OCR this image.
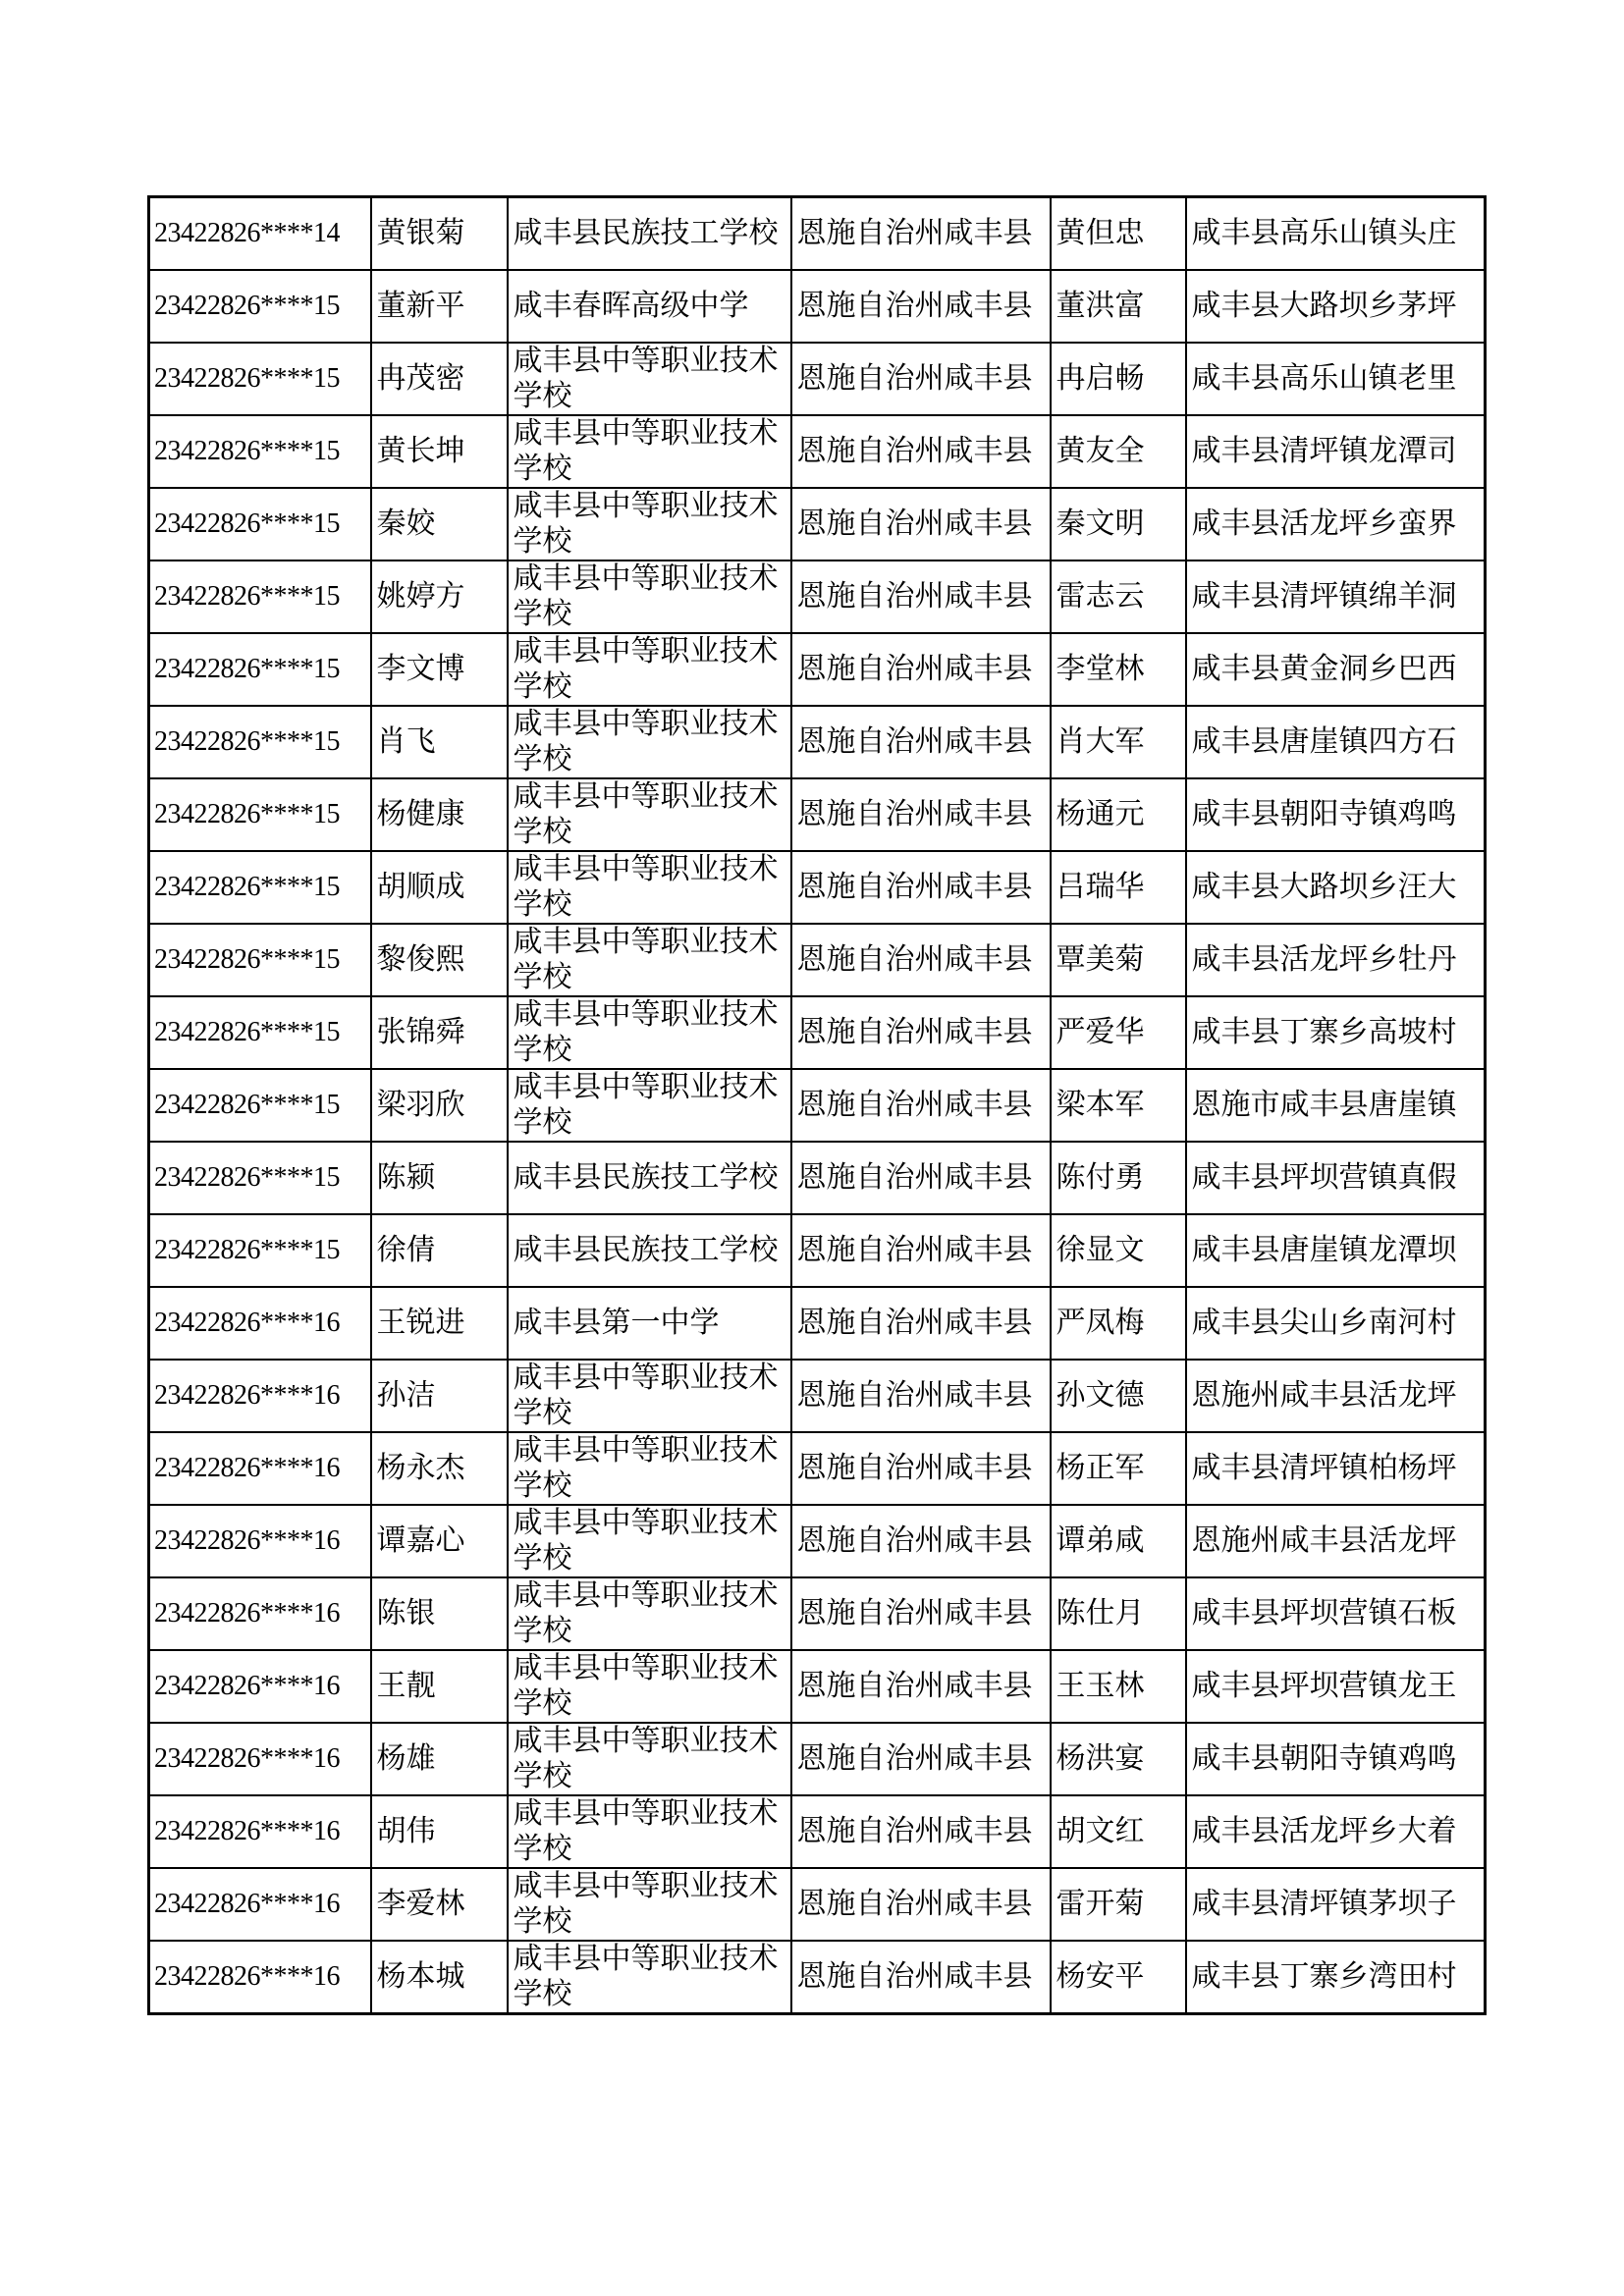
23422826****14	黄银菊	咸丰县民族技工学校	恩施自治州咸丰县	黄但忠	咸丰县高乐山镇头庄
23422826****15	董新平	咸丰春晖高级中学	恩施自治州咸丰县	董洪富	咸丰县大路坝乡茅坪
23422826****15	冉茂密	咸丰县中等职业技术学校	恩施自治州咸丰县	冉启畅	咸丰县高乐山镇老里
23422826****15	黄长坤	咸丰县中等职业技术学校	恩施自治州咸丰县	黄友全	咸丰县清坪镇龙潭司
23422826****15	秦姣	咸丰县中等职业技术学校	恩施自治州咸丰县	秦文明	咸丰县活龙坪乡蛮界
23422826****15	姚婷方	咸丰县中等职业技术学校	恩施自治州咸丰县	雷志云	咸丰县清坪镇绵羊洞
23422826****15	李文博	咸丰县中等职业技术学校	恩施自治州咸丰县	李堂林	咸丰县黄金洞乡巴西
23422826****15	肖飞	咸丰县中等职业技术学校	恩施自治州咸丰县	肖大军	咸丰县唐崖镇四方石
23422826****15	杨健康	咸丰县中等职业技术学校	恩施自治州咸丰县	杨通元	咸丰县朝阳寺镇鸡鸣
23422826****15	胡顺成	咸丰县中等职业技术学校	恩施自治州咸丰县	吕瑞华	咸丰县大路坝乡汪大
23422826****15	黎俊熙	咸丰县中等职业技术学校	恩施自治州咸丰县	覃美菊	咸丰县活龙坪乡牡丹
23422826****15	张锦舜	咸丰县中等职业技术学校	恩施自治州咸丰县	严爱华	咸丰县丁寨乡高坡村
23422826****15	梁羽欣	咸丰县中等职业技术学校	恩施自治州咸丰县	梁本军	恩施市咸丰县唐崖镇
23422826****15	陈颍	咸丰县民族技工学校	恩施自治州咸丰县	陈付勇	咸丰县坪坝营镇真假
23422826****15	徐倩	咸丰县民族技工学校	恩施自治州咸丰县	徐显文	咸丰县唐崖镇龙潭坝
23422826****16	王锐进	咸丰县第一中学	恩施自治州咸丰县	严凤梅	咸丰县尖山乡南河村
23422826****16	孙洁	咸丰县中等职业技术学校	恩施自治州咸丰县	孙文德	恩施州咸丰县活龙坪
23422826****16	杨永杰	咸丰县中等职业技术学校	恩施自治州咸丰县	杨正军	咸丰县清坪镇柏杨坪
23422826****16	谭嘉心	咸丰县中等职业技术学校	恩施自治州咸丰县	谭弟咸	恩施州咸丰县活龙坪
23422826****16	陈银	咸丰县中等职业技术学校	恩施自治州咸丰县	陈仕月	咸丰县坪坝营镇石板
23422826****16	王靓	咸丰县中等职业技术学校	恩施自治州咸丰县	王玉林	咸丰县坪坝营镇龙王
23422826****16	杨雄	咸丰县中等职业技术学校	恩施自治州咸丰县	杨洪宴	咸丰县朝阳寺镇鸡鸣
23422826****16	胡伟	咸丰县中等职业技术学校	恩施自治州咸丰县	胡文红	咸丰县活龙坪乡大着
23422826****16	李爱林	咸丰县中等职业技术学校	恩施自治州咸丰县	雷开菊	咸丰县清坪镇茅坝子
23422826****16	杨本城	咸丰县中等职业技术学校	恩施自治州咸丰县	杨安平	咸丰县丁寨乡湾田村
